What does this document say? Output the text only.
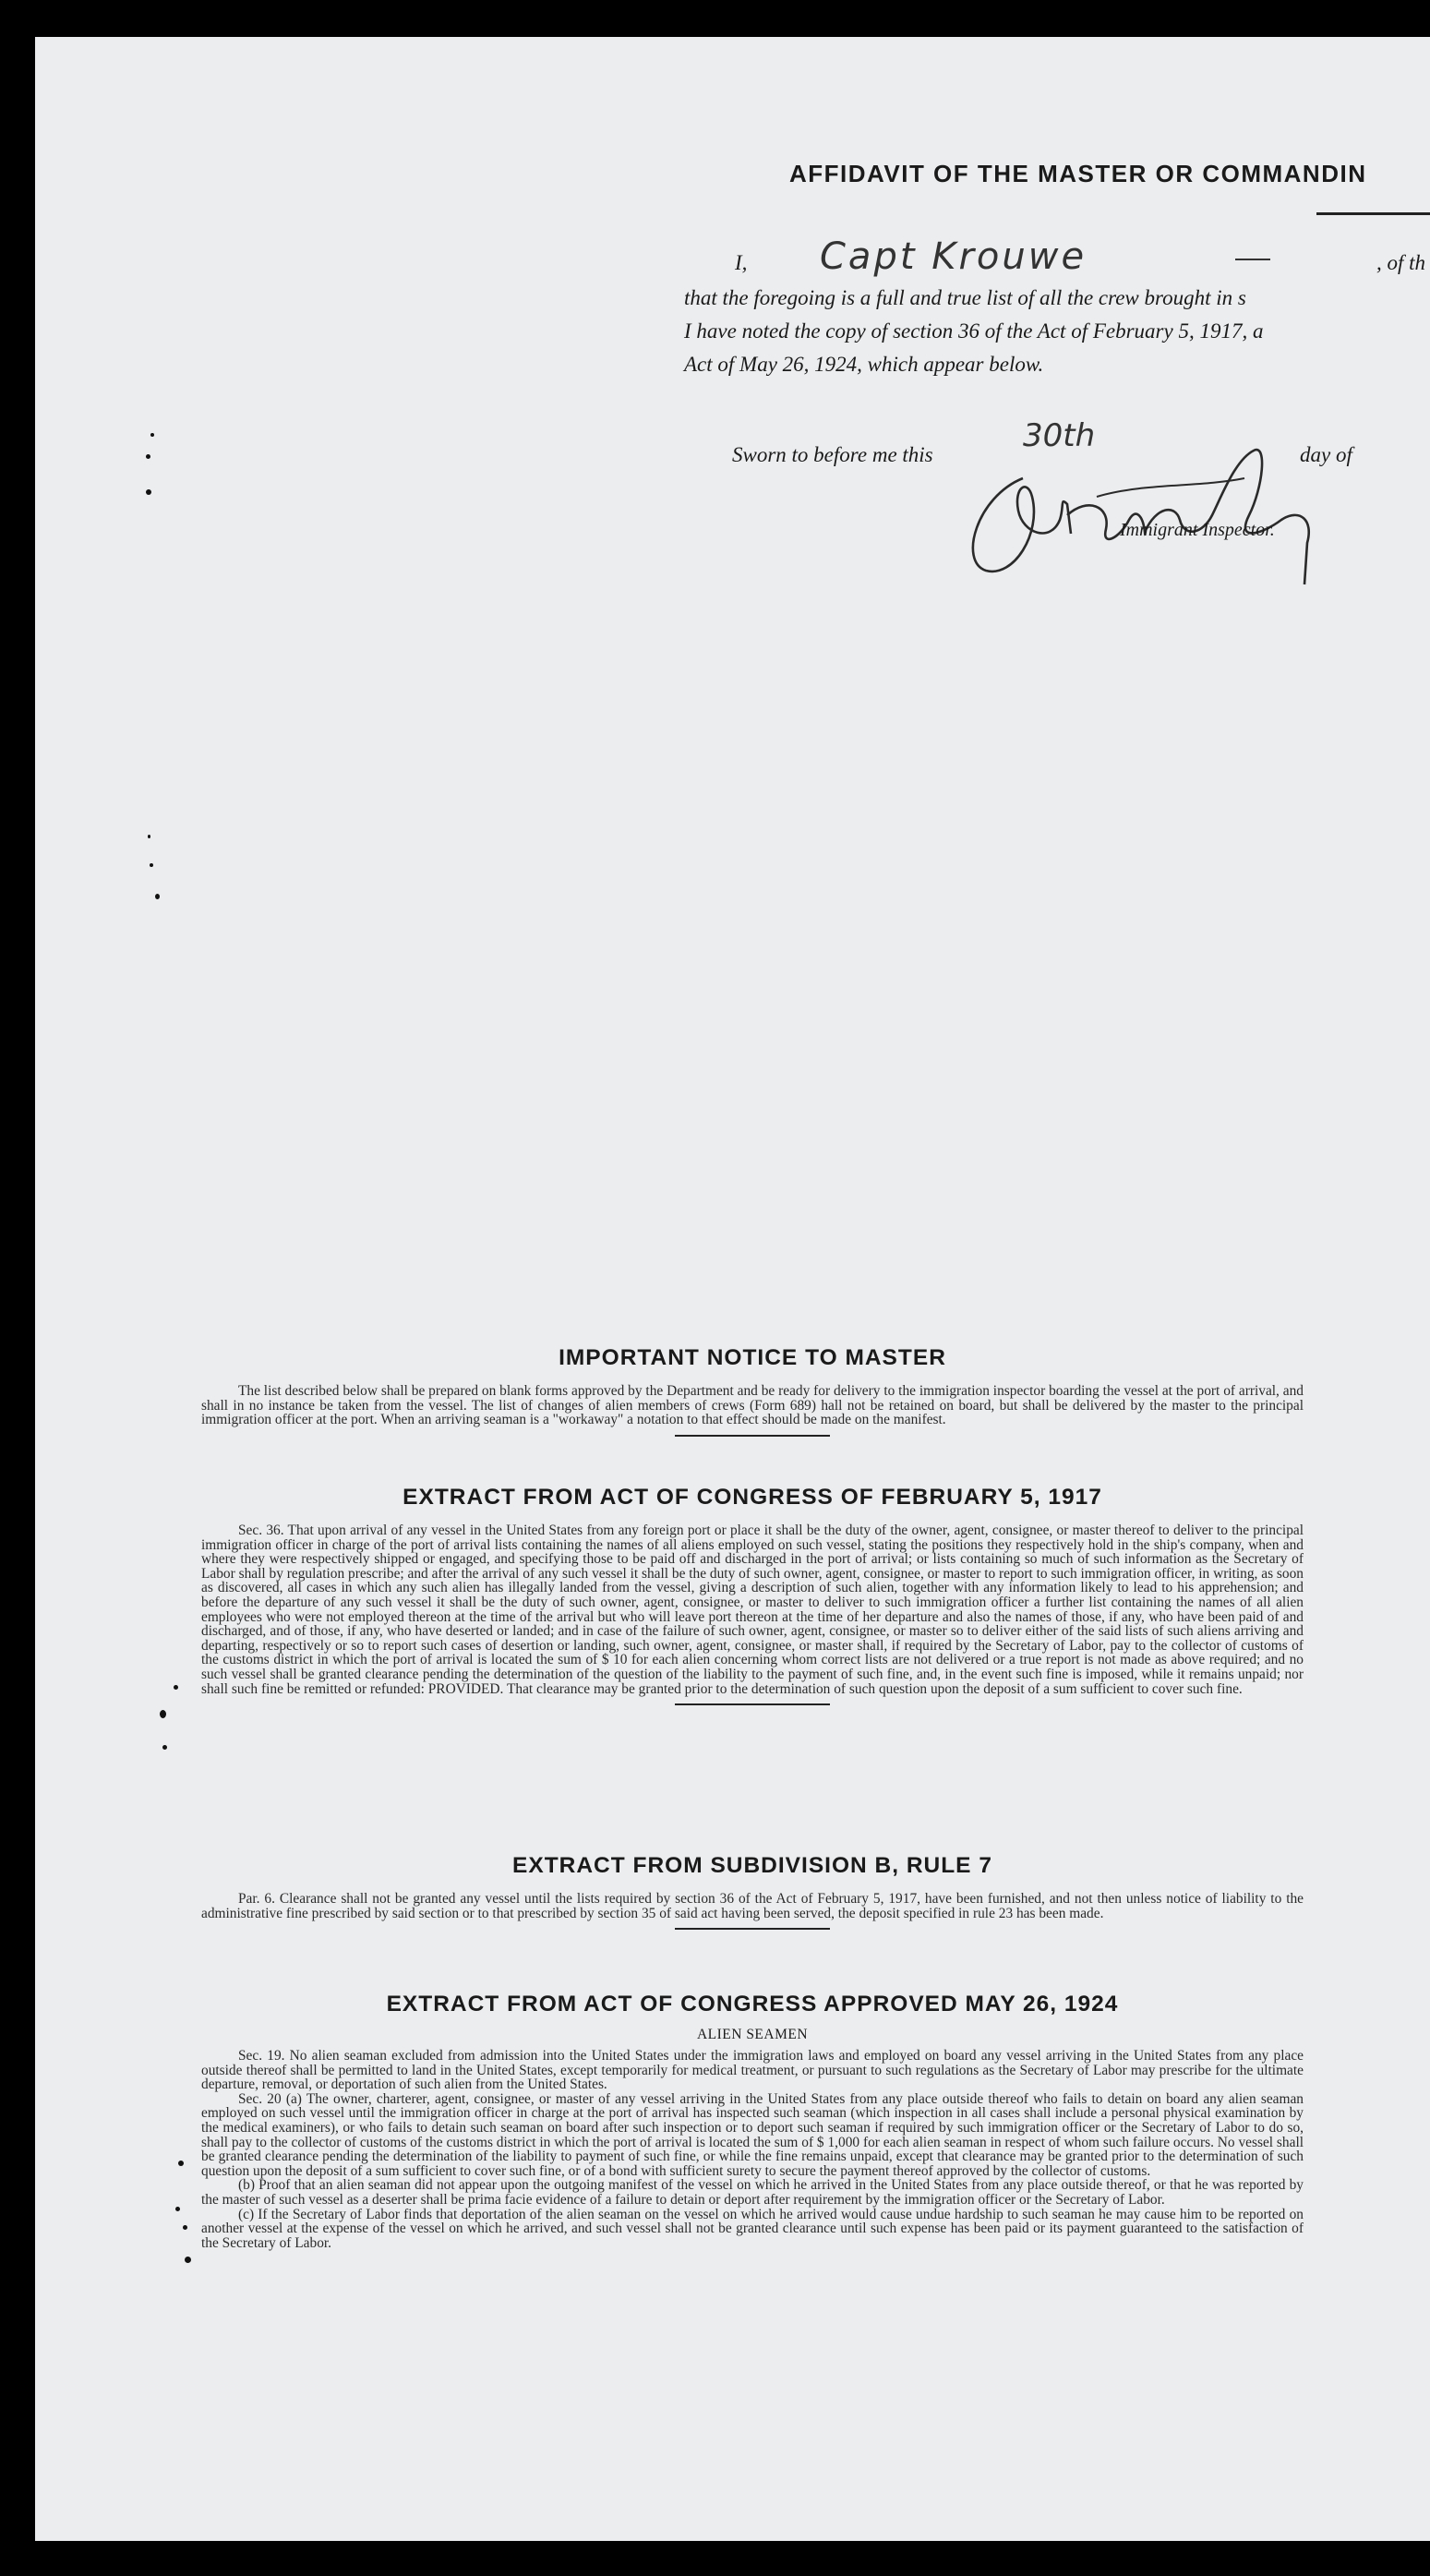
AFFIDAVIT OF THE MASTER OR COMMANDIN
I, Capt Krouwe	, of th
that the foregoing is a full and true list of all the crew brought in s
I have noted the copy of section 36 of the Act of February 5, 1917, a
Act of May 26, 1924, which appear below.
Sworn to before me this
30th
day of
Immigrant Inspector.
IMPORTANT NOTICE TO MASTER

The list described below shall be prepared on blank forms approved by the Department and be ready for delivery to the immigration inspector boarding the vessel at the port of arrival, and shall in no instance be taken from the vessel. The list of changes of alien members of crews (Form 689) hall not be retained on board, but shall be delivered by the master to the principal immigration officer at the port. When an arriving seaman is a "workaway" a notation to that effect should be made on the manifest.

EXTRACT FROM ACT OF CONGRESS OF FEBRUARY 5, 1917

Sec. 36. That upon arrival of any vessel in the United States from any foreign port or place it shall be the duty of the owner, agent, consignee, or master thereof to deliver to the principal immigration officer in charge of the port of arrival lists containing the names of all aliens employed on such vessel, stating the positions they respectively hold in the ship's company, when and where they were respectively shipped or engaged, and specifying those to be paid off and discharged in the port of arrival; or lists containing so much of such information as the Secretary of Labor shall by regulation prescribe; and after the arrival of any such vessel it shall be the duty of such owner, agent, consignee, or master to report to such immigration officer, in writing, as soon as discovered, all cases in which any such alien has illegally landed from the vessel, giving a description of such alien, together with any information likely to lead to his apprehension; and before the departure of any such vessel it shall be the duty of such owner, agent, consignee, or master to deliver to such immigration officer a further list containing the names of all alien employees who were not employed thereon at the time of the arrival but who will leave port thereon at the time of her departure and also the names of those, if any, who have been paid of and discharged, and of those, if any, who have deserted or landed; and in case of the failure of such owner, agent, consignee, or master so to deliver either of the said lists of such aliens arriving and departing, respectively or so to report such cases of desertion or landing, such owner, agent, consignee, or master shall, if required by the Secretary of Labor, pay to the collector of customs of the customs district in which the port of arrival is located the sum of $ 10 for each alien concerning whom correct lists are not delivered or a true report is not made as above required; and no such vessel shall be granted clearance pending the determination of the question of the liability to the payment of such fine, and, in the event such fine is imposed, while it remains unpaid; nor shall such fine be remitted or refunded: PROVIDED. That clearance may be granted prior to the determination of such question upon the deposit of a sum sufficient to cover such fine.

EXTRACT FROM SUBDIVISION B, RULE 7

Par. 6. Clearance shall not be granted any vessel until the lists required by section 36 of the Act of February 5, 1917, have been furnished, and not then unless notice of liability to the administrative fine prescribed by said section or to that prescribed by section 35 of said act having been served, the deposit specified in rule 23 has been made.

EXTRACT FROM ACT OF CONGRESS APPROVED MAY 26, 1924

ALIEN SEAMEN

Sec. 19. No alien seaman excluded from admission into the United States under the immigration laws and employed on board any vessel arriving in the United States from any place outside thereof shall be permitted to land in the United States, except temporarily for medical treatment, or pursuant to such regulations as the Secretary of Labor may prescribe for the ultimate departure, removal, or deportation of such alien from the United States.

Sec. 20 (a) The owner, charterer, agent, consignee, or master of any vessel arriving in the United States from any place outside thereof who fails to detain on board any alien seaman employed on such vessel until the immigration officer in charge at the port of arrival has inspected such seaman (which inspection in all cases shall include a personal physical examination by the medical examiners), or who fails to detain such seaman on board after such inspection or to deport such seaman if required by such immigration officer or the Secretary of Labor to do so, shall pay to the collector of customs of the customs district in which the port of arrival is located the sum of $ 1,000 for each alien seaman in respect of whom such failure occurs. No vessel shall be granted clearance pending the determination of the liability to payment of such fine, or while the fine remains unpaid, except that clearance may be granted prior to the determination of such question upon the deposit of a sum sufficient to cover such fine, or of a bond with sufficient surety to secure the payment thereof approved by the collector of customs.

(b) Proof that an alien seaman did not appear upon the outgoing manifest of the vessel on which he arrived in the United States from any place outside thereof, or that he was reported by the master of such vessel as a deserter shall be prima facie evidence of a failure to detain or deport after requirement by the immigration officer or the Secretary of Labor.

(c) If the Secretary of Labor finds that deportation of the alien seaman on the vessel on which he arrived would cause undue hardship to such seaman he may cause him to be reported on another vessel at the expense of the vessel on which he arrived, and such vessel shall not be granted clearance until such expense has been paid or its payment guaranteed to the satisfaction of the Secretary of Labor.
